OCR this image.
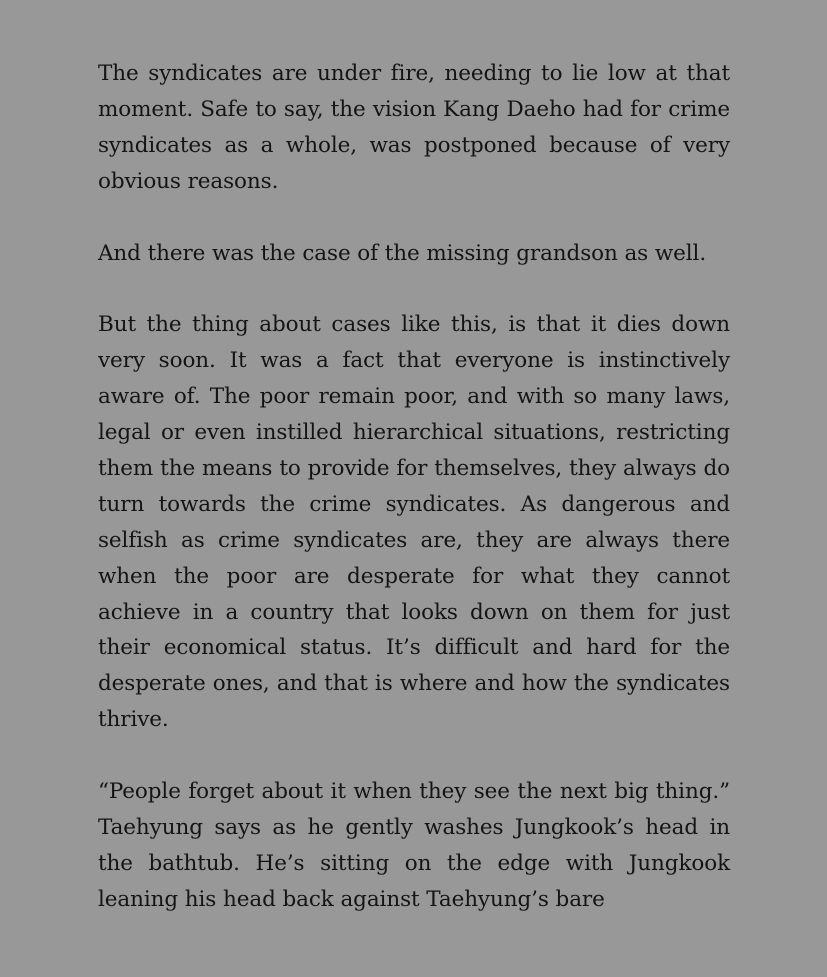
The syndicates are under fire, needing to lie low at that moment. Safe to say, the vision Kang Daeho had for crime syndicates as a whole, was postponed because of very obvious reasons.

And there was the case of the missing grandson as well.

But the thing about cases like this, is that it dies down very soon. It was a fact that everyone is instinctively aware of. The poor remain poor, and with so many laws, legal or even instilled hierarchical situations, restricting them the means to provide for themselves, they always do turn towards the crime syndicates. As dangerous and selfish as crime syndicates are, they are always there when the poor are desperate for what they cannot achieve in a country that looks down on them for just their economical status. It’s difficult and hard for the desperate ones, and that is where and how the syndicates thrive.

“People forget about it when they see the next big thing.” Taehyung says as he gently washes Jungkook’s head in the bathtub. He’s sitting on the edge with Jungkook leaning his head back against Taehyung’s bare
